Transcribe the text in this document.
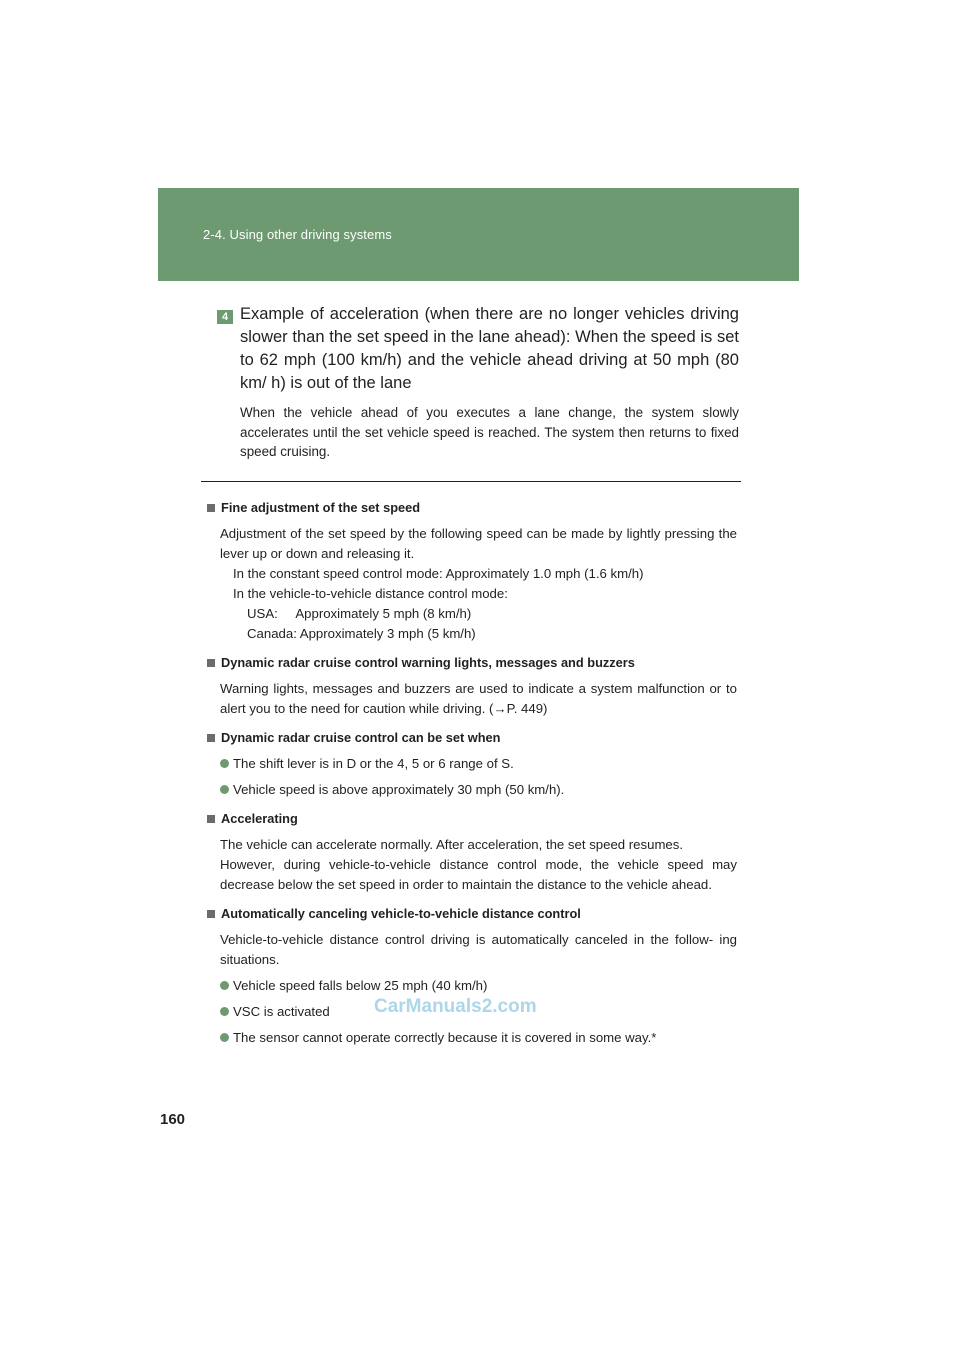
2-4. Using other driving systems
4 Example of acceleration (when there are no longer vehicles driving slower than the set speed in the lane ahead): When the speed is set to 62 mph (100 km/h) and the vehicle ahead driving at 50 mph (80 km/ h) is out of the lane
When the vehicle ahead of you executes a lane change, the system slowly accelerates until the set vehicle speed is reached. The system then returns to fixed speed cruising.
Fine adjustment of the set speed
Adjustment of the set speed by the following speed can be made by lightly pressing the lever up or down and releasing it.
In the constant speed control mode: Approximately 1.0 mph (1.6 km/h)
In the vehicle-to-vehicle distance control mode:
USA:     Approximately 5 mph (8 km/h)
Canada: Approximately 3 mph (5 km/h)
Dynamic radar cruise control warning lights, messages and buzzers
Warning lights, messages and buzzers are used to indicate a system malfunction or to alert you to the need for caution while driving. (→P. 449)
Dynamic radar cruise control can be set when
The shift lever is in D or the 4, 5 or 6 range of S.
Vehicle speed is above approximately 30 mph (50 km/h).
Accelerating
The vehicle can accelerate normally. After acceleration, the set speed resumes.
However, during vehicle-to-vehicle distance control mode, the vehicle speed may decrease below the set speed in order to maintain the distance to the vehicle ahead.
Automatically canceling vehicle-to-vehicle distance control
Vehicle-to-vehicle distance control driving is automatically canceled in the follow- ing situations.
Vehicle speed falls below 25 mph (40 km/h)
VSC is activated
The sensor cannot operate correctly because it is covered in some way.*
CarManuals2.com
160
